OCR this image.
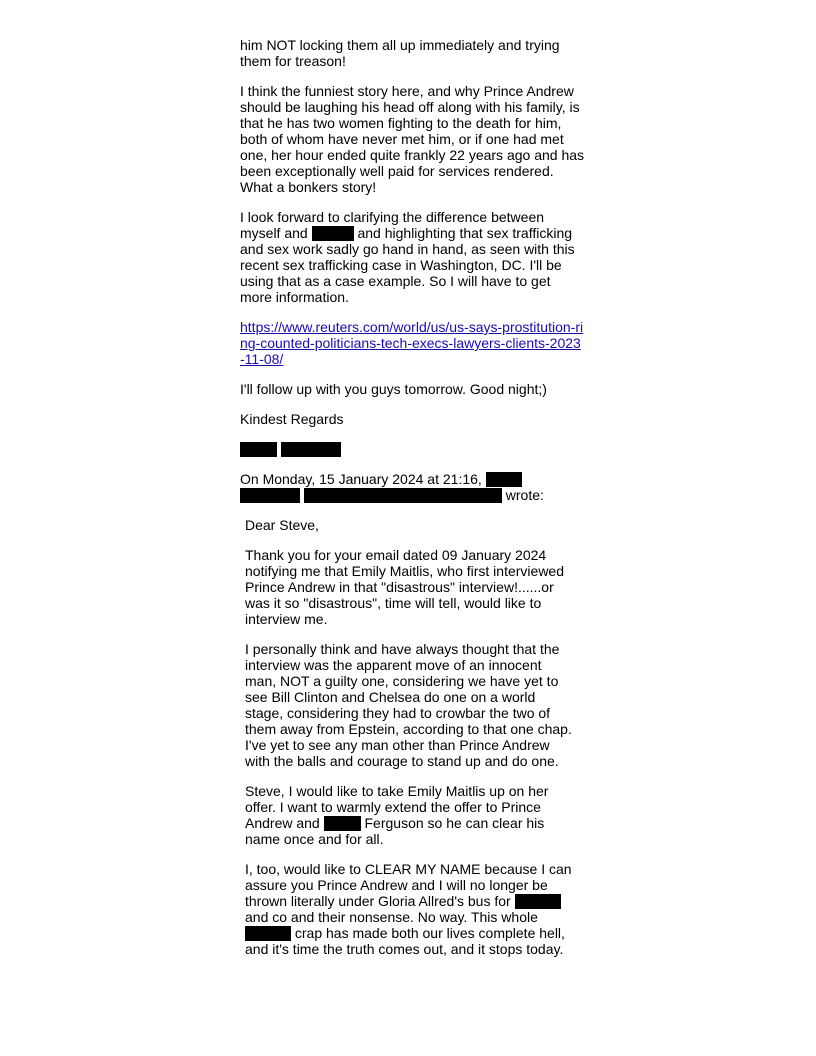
him NOT locking them all up immediately and trying them for treason!

I think the funniest story here, and why Prince Andrew should be laughing his head off along with his family, is that he has two women fighting to the death for him, both of whom have never met him, or if one had met one, her hour ended quite frankly 22 years ago and has been exceptionally well paid for services rendered. What a bonkers story!

I look forward to clarifying the difference between myself and	and highlighting that sex trafficking and sex work sadly go hand in hand, as seen with this recent sex trafficking case in Washington, DC. I'll be using that as a case example. So I will have to get more information.

https://www.reuters.com/world/us/us-says-prostitution-ring-counted-politicians-tech-execs-lawyers-clients-2023-11-08/

I'll follow up with you guys tomorrow. Good night;)

Kindest Regards

On Monday, 15 January 2024 at 21:16,
wrote:

Dear Steve,

Thank you for your email dated 09 January 2024 notifying me that Emily Maitlis, who first interviewed Prince Andrew in that "disastrous" interview!......or was it so "disastrous", time will tell, would like to interview me.

I personally think and have always thought that the interview was the apparent move of an innocent man, NOT a guilty one, considering we have yet to see Bill Clinton and Chelsea do one on a world stage, considering they had to crowbar the two of them away from Epstein, according to that one chap. I've yet to see any man other than Prince Andrew with the balls and courage to stand up and do one.

Steve, I would like to take Emily Maitlis up on her offer. I want to warmly extend the offer to Prince Andrew and	Ferguson so he can clear his name once and for all.

I, too, would like to CLEAR MY NAME because I can assure you Prince Andrew and I will no longer be thrown literally under Gloria Allred's bus for  and co and their nonsense. No way. This whole  crap has made both our lives complete hell, and it's time the truth comes out, and it stops today.
